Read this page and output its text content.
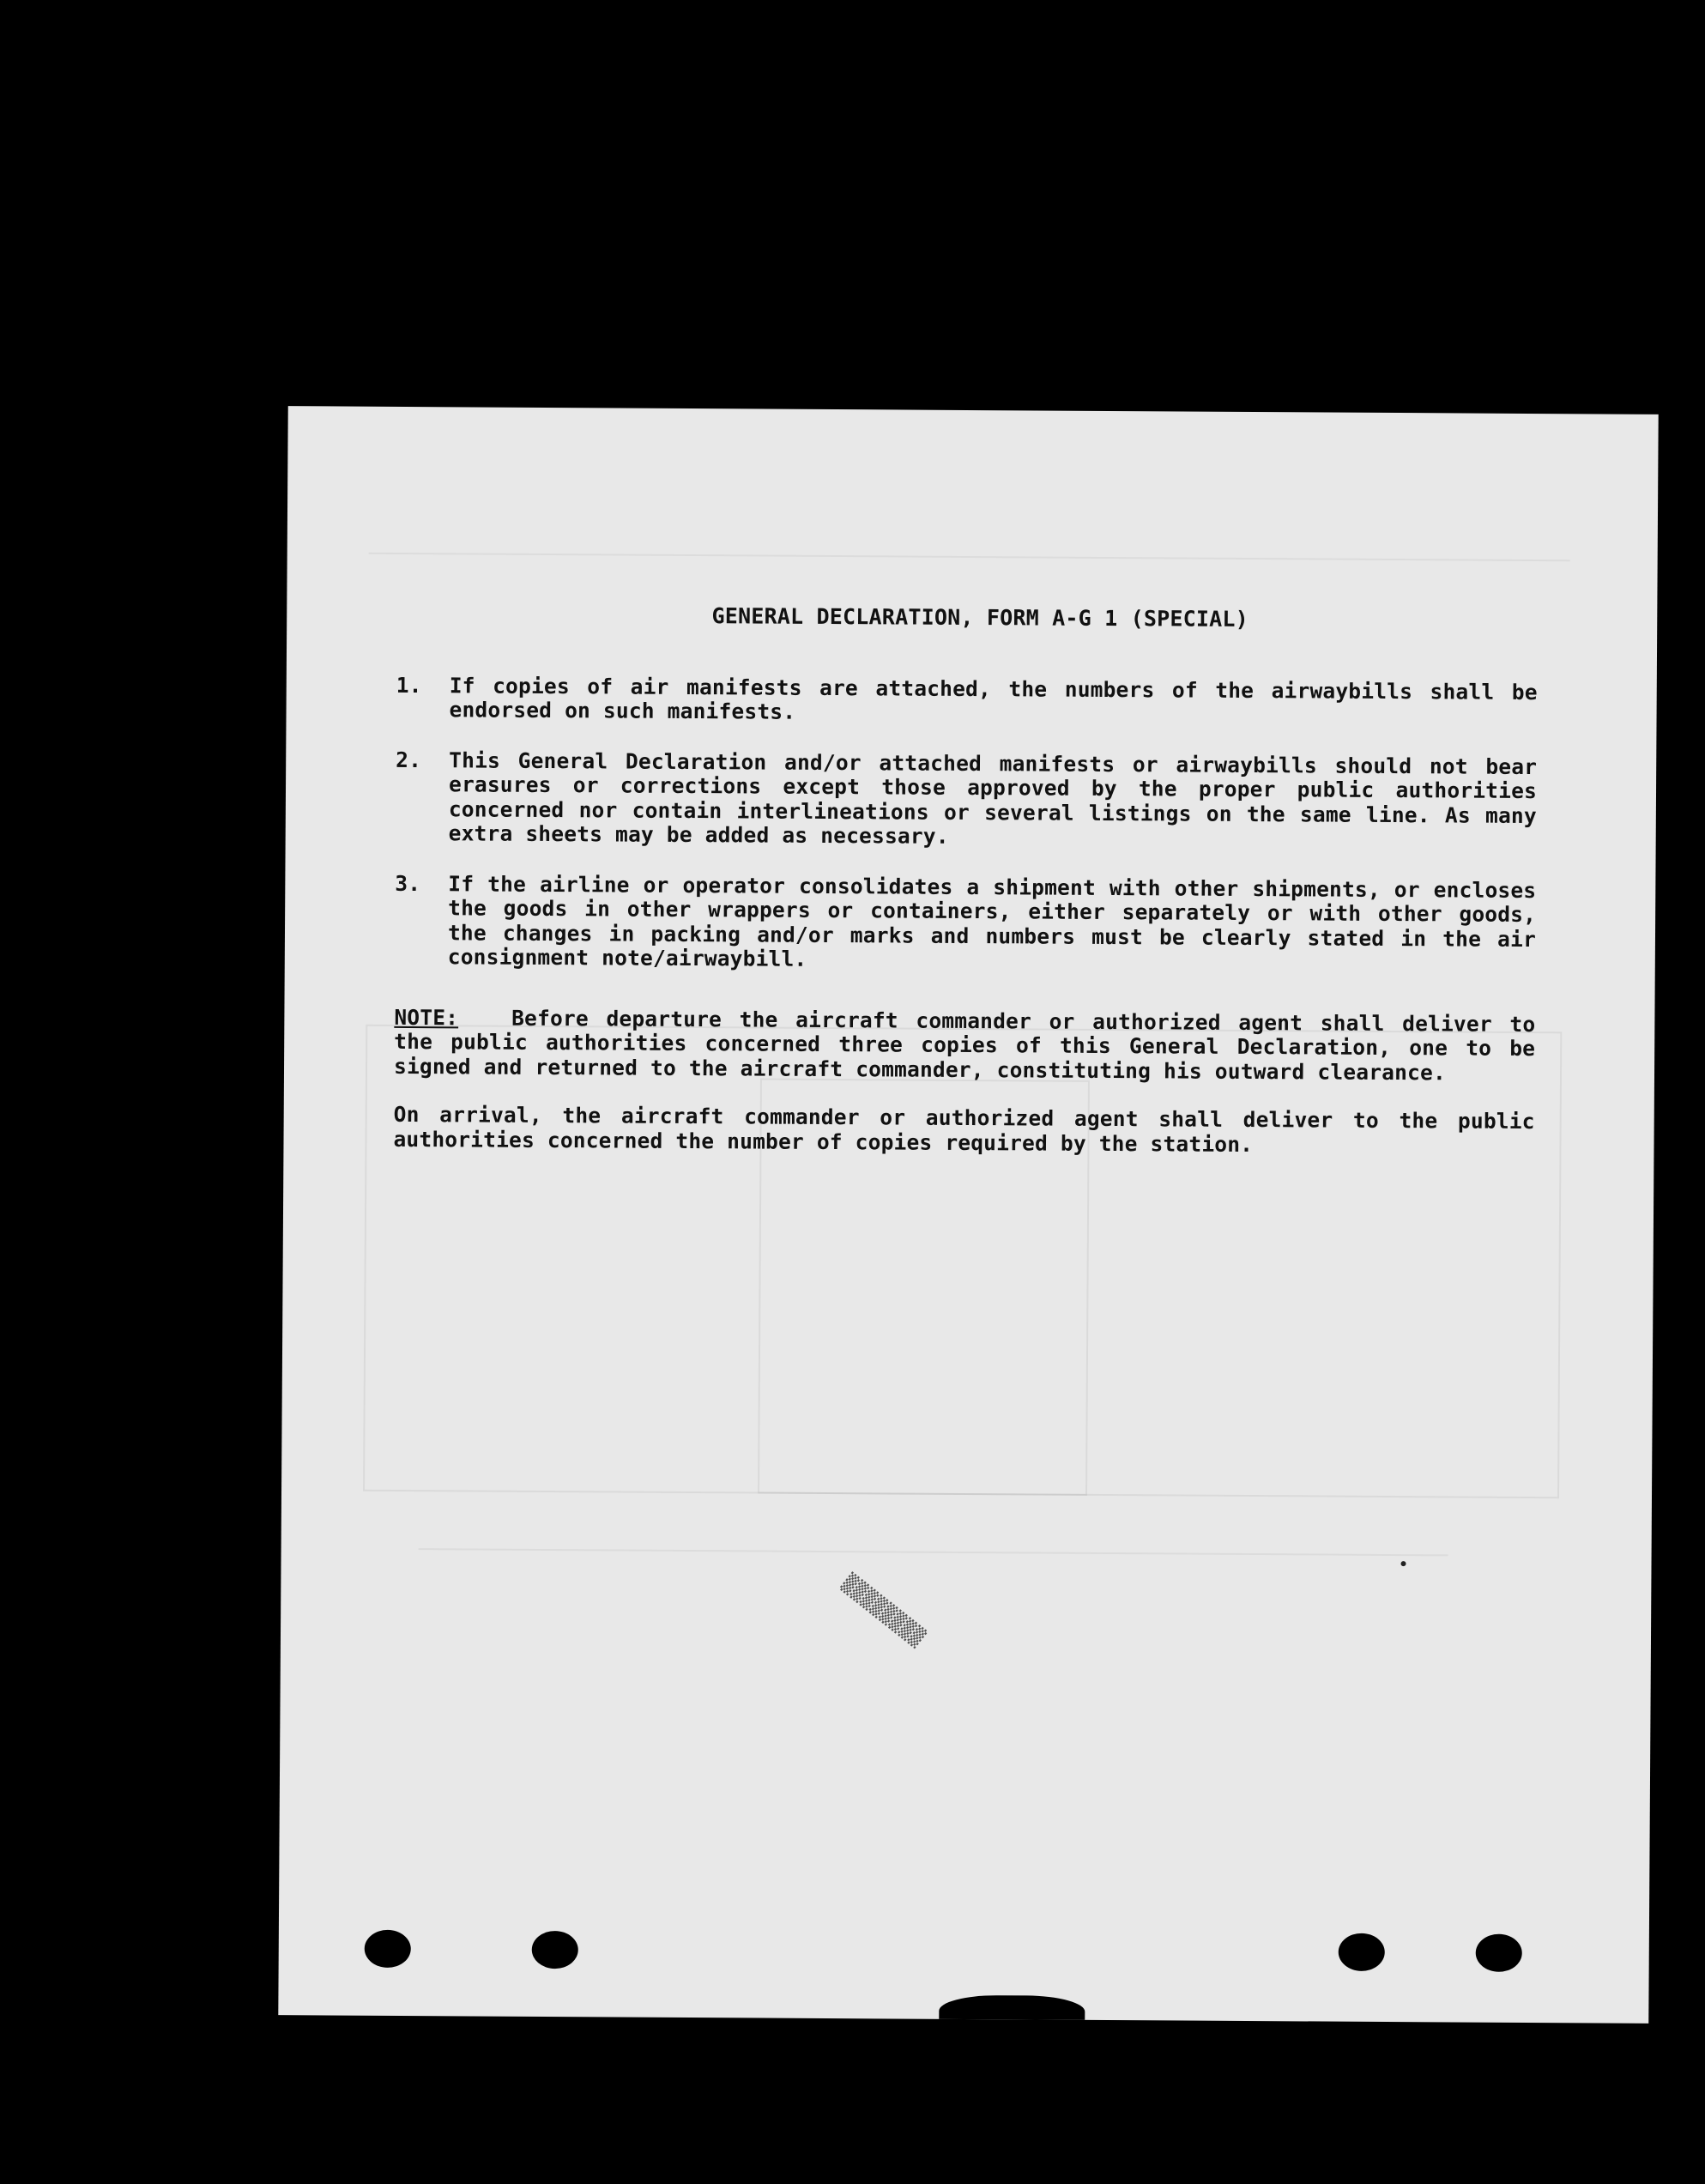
GENERAL DECLARATION, FORM A-G 1 (SPECIAL)
1.	If copies of air manifests are attached, the numbers of the airwaybills shall be endorsed on such manifests.
2.	This General Declaration and/or attached manifests or airwaybills should not bear erasures or corrections except those approved by the proper public authorities concerned nor contain interlineations or several listings on the same line. As many extra sheets may be added as necessary.
3.	If the airline or operator consolidates a shipment with other shipments, or encloses the goods in other wrappers or containers, either separately or with other goods, the changes in packing and/or marks and numbers must be clearly stated in the air consignment note/airwaybill.
NOTE:	Before departure the aircraft commander or authorized agent shall deliver to the public authorities concerned three copies of this General Declaration, one to be signed and returned to the aircraft commander, constituting his outward clearance.
On arrival, the aircraft commander or authorized agent shall deliver to the public authorities concerned the number of copies required by the station.
▒▒▒▒▒▒▒▒
